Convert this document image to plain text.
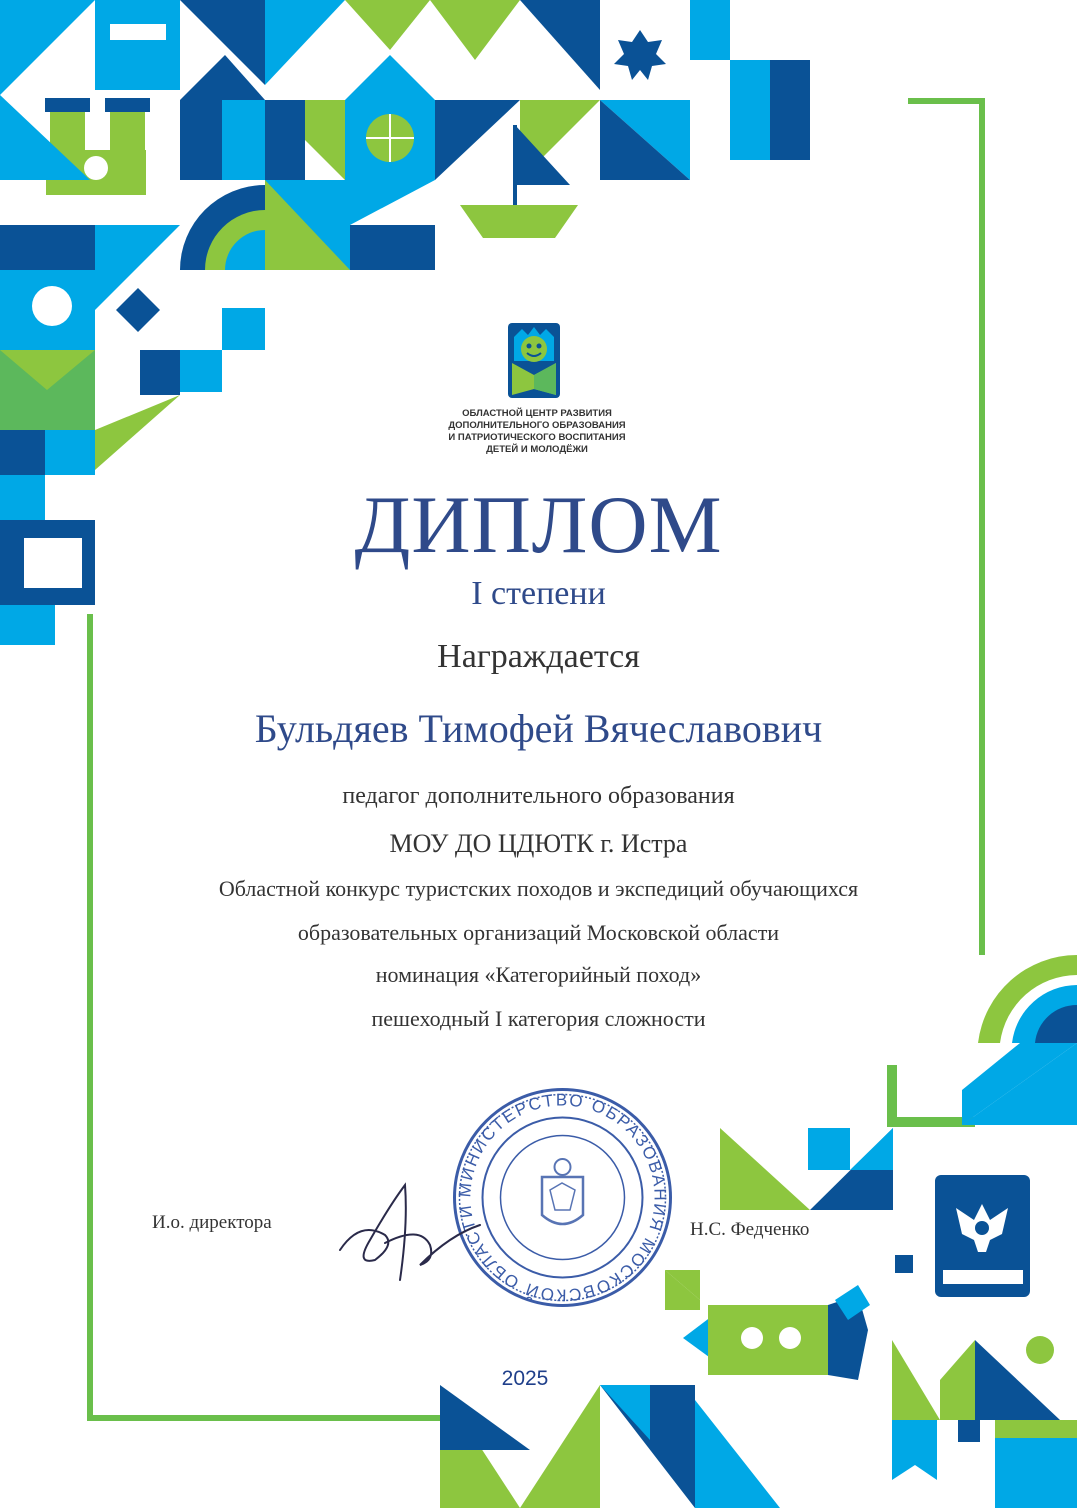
ОБЛАСТНОЙ ЦЕНТР РАЗВИТИЯ
ДОПОЛНИТЕЛЬНОГО ОБРАЗОВАНИЯ
И ПАТРИОТИЧЕСКОГО ВОСПИТАНИЯ
ДЕТЕЙ И МОЛОДЁЖИ
ДИПЛОМ
I степени
Награждается
Бульдяев Тимофей Вячеславович
педагог дополнительного образования
МОУ ДО ЦДЮТК г. Истра
Областной конкурс туристских походов и экспедиций обучающихся
образовательных организаций Московской области
номинация «Категорийный поход»
пешеходный I категория сложности
И.о. директора	Н.С. Федченко
МИНИСТЕРСТВО ОБРАЗОВАНИЯ МОСКОВСКОЙ ОБЛАСТИ
2025
